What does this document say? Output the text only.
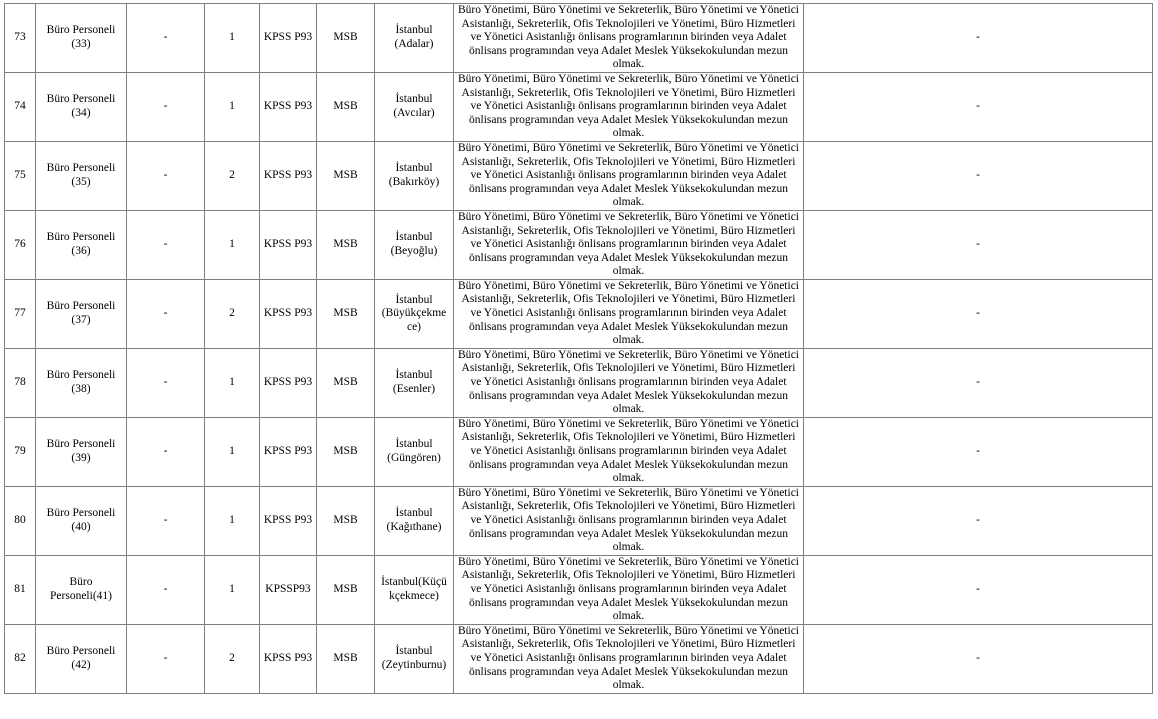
73	Büro Personeli (33)	-	1	KPSS P93	MSB	İstanbul (Adalar)	Büro Yönetimi, Büro Yönetimi ve Sekreterlik, Büro Yönetimi ve Yönetici Asistanlığı, Sekreterlik, Ofis Teknolojileri ve Yönetimi, Büro Hizmetleri ve Yönetici Asistanlığı önlisans programlarının birinden veya Adalet önlisans programından veya Adalet Meslek Yüksekokulundan mezun olmak.	-
74	Büro Personeli (34)	-	1	KPSS P93	MSB	İstanbul (Avcılar)	Büro Yönetimi, Büro Yönetimi ve Sekreterlik, Büro Yönetimi ve Yönetici Asistanlığı, Sekreterlik, Ofis Teknolojileri ve Yönetimi, Büro Hizmetleri ve Yönetici Asistanlığı önlisans programlarının birinden veya Adalet önlisans programından veya Adalet Meslek Yüksekokulundan mezun olmak.	-
75	Büro Personeli (35)	-	2	KPSS P93	MSB	İstanbul (Bakırköy)	Büro Yönetimi, Büro Yönetimi ve Sekreterlik, Büro Yönetimi ve Yönetici Asistanlığı, Sekreterlik, Ofis Teknolojileri ve Yönetimi, Büro Hizmetleri ve Yönetici Asistanlığı önlisans programlarının birinden veya Adalet önlisans programından veya Adalet Meslek Yüksekokulundan mezun olmak.	-
76	Büro Personeli (36)	-	1	KPSS P93	MSB	İstanbul (Beyoğlu)	Büro Yönetimi, Büro Yönetimi ve Sekreterlik, Büro Yönetimi ve Yönetici Asistanlığı, Sekreterlik, Ofis Teknolojileri ve Yönetimi, Büro Hizmetleri ve Yönetici Asistanlığı önlisans programlarının birinden veya Adalet önlisans programından veya Adalet Meslek Yüksekokulundan mezun olmak.	-
77	Büro Personeli (37)	-	2	KPSS P93	MSB	İstanbul (Büyükçekme ce)	Büro Yönetimi, Büro Yönetimi ve Sekreterlik, Büro Yönetimi ve Yönetici Asistanlığı, Sekreterlik, Ofis Teknolojileri ve Yönetimi, Büro Hizmetleri ve Yönetici Asistanlığı önlisans programlarının birinden veya Adalet önlisans programından veya Adalet Meslek Yüksekokulundan mezun olmak.	-
78	Büro Personeli (38)	-	1	KPSS P93	MSB	İstanbul (Esenler)	Büro Yönetimi, Büro Yönetimi ve Sekreterlik, Büro Yönetimi ve Yönetici Asistanlığı, Sekreterlik, Ofis Teknolojileri ve Yönetimi, Büro Hizmetleri ve Yönetici Asistanlığı önlisans programlarının birinden veya Adalet önlisans programından veya Adalet Meslek Yüksekokulundan mezun olmak.	-
79	Büro Personeli (39)	-	1	KPSS P93	MSB	İstanbul (Güngören)	Büro Yönetimi, Büro Yönetimi ve Sekreterlik, Büro Yönetimi ve Yönetici Asistanlığı, Sekreterlik, Ofis Teknolojileri ve Yönetimi, Büro Hizmetleri ve Yönetici Asistanlığı önlisans programlarının birinden veya Adalet önlisans programından veya Adalet Meslek Yüksekokulundan mezun olmak.	-
80	Büro Personeli (40)	-	1	KPSS P93	MSB	İstanbul (Kağıthane)	Büro Yönetimi, Büro Yönetimi ve Sekreterlik, Büro Yönetimi ve Yönetici Asistanlığı, Sekreterlik, Ofis Teknolojileri ve Yönetimi, Büro Hizmetleri ve Yönetici Asistanlığı önlisans programlarının birinden veya Adalet önlisans programından veya Adalet Meslek Yüksekokulundan mezun olmak.	-
81	Büro Personeli(41)	-	1	KPSSP93	MSB	İstanbul(Küçü kçekmece)	Büro Yönetimi, Büro Yönetimi ve Sekreterlik, Büro Yönetimi ve Yönetici Asistanlığı, Sekreterlik, Ofis Teknolojileri ve Yönetimi, Büro Hizmetleri ve Yönetici Asistanlığı önlisans programlarının birinden veya Adalet önlisans programından veya Adalet Meslek Yüksekokulundan mezun olmak.	-
82	Büro Personeli (42)	-	2	KPSS P93	MSB	İstanbul (Zeytinburnu)	Büro Yönetimi, Büro Yönetimi ve Sekreterlik, Büro Yönetimi ve Yönetici Asistanlığı, Sekreterlik, Ofis Teknolojileri ve Yönetimi, Büro Hizmetleri ve Yönetici Asistanlığı önlisans programlarının birinden veya Adalet önlisans programından veya Adalet Meslek Yüksekokulundan mezun olmak.	-
